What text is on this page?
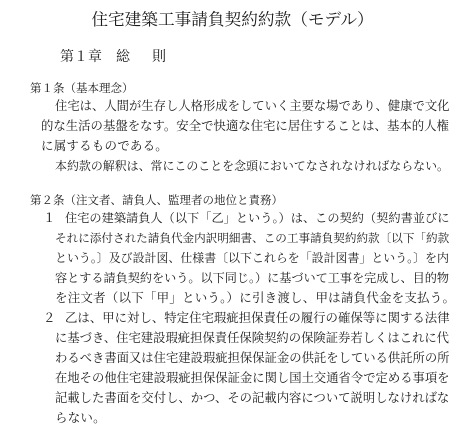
住宅建築工事請負契約約款（モデル）
第１章 総 則
第１条（基本理念）
住宅は、人間が生存し人格形成をしていく主要な場であり、健康で文化
的な生活の基盤をなす。安全で快適な住宅に居住することは、基本的人権
に属するものである。
本約款の解釈は、常にこのことを念頭においてなされなければならない。
第２条（注文者、請負人、監理者の地位と責務）
１ 住宅の建築請負人（以下「乙」という。）は、この契約（契約書並びに
それに添付された請負代金内訳明細書、この工事請負契約約款〔以下「約款
という。〕及び設計図、仕様書〔以下これらを「設計図書」という。〕を内
容とする請負契約をいう。以下同じ。）に基づいて工事を完成し、目的物
を注文者（以下「甲」という。）に引き渡し、甲は請負代金を支払う。
２ 乙は、甲に対し、特定住宅瑕疵担保責任の履行の確保等に関する法律
に基づき、住宅建設瑕疵担保責任保険契約の保険証券若しくはこれに代
わるべき書面又は住宅建設瑕疵担保保証金の供託をしている供託所の所
在地その他住宅建設瑕疵担保保証金に関し国土交通省令で定める事項を
記載した書面を交付し、かつ、その記載内容について説明しなければな
らない。
